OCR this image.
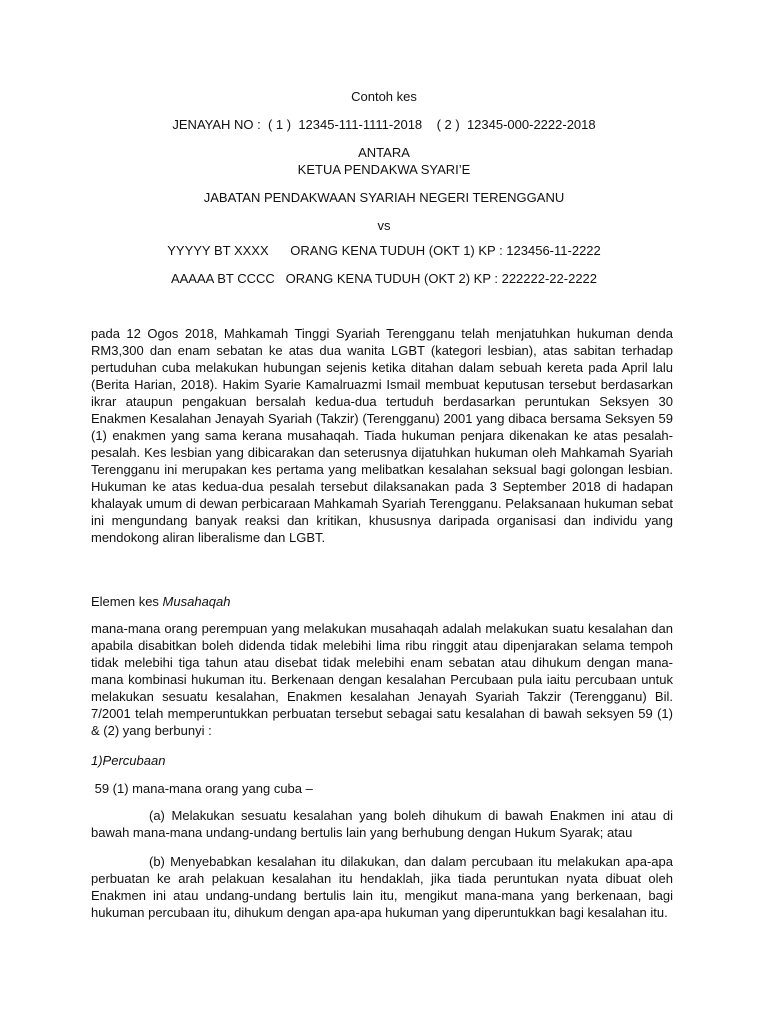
Contoh kes
JENAYAH NO :  ( 1 )  12345-111-1111-2018    ( 2 )  12345-000-2222-2018
ANTARA
KETUA PENDAKWA SYARI’E
JABATAN PENDAKWAAN SYARIAH NEGERI TERENGGANU
vs
YYYYY BT XXXX      ORANG KENA TUDUH (OKT 1) KP : 123456-11-2222
AAAAA BT CCCC   ORANG KENA TUDUH (OKT 2) KP : 222222-22-2222
pada 12 Ogos 2018, Mahkamah Tinggi Syariah Terengganu telah menjatuhkan hukuman denda RM3,300 dan enam sebatan ke atas dua wanita LGBT (kategori lesbian), atas sabitan terhadap pertuduhan cuba melakukan hubungan sejenis ketika ditahan dalam sebuah kereta pada April lalu (Berita Harian, 2018). Hakim Syarie Kamalruazmi Ismail membuat keputusan tersebut berdasarkan ikrar ataupun pengakuan bersalah kedua-dua tertuduh berdasarkan peruntukan Seksyen 30 Enakmen Kesalahan Jenayah Syariah (Takzir) (Terengganu) 2001 yang dibaca bersama Seksyen 59 (1) enakmen yang sama kerana musahaqah. Tiada hukuman penjara dikenakan ke atas pesalah-pesalah. Kes lesbian yang dibicarakan dan seterusnya dijatuhkan hukuman oleh Mahkamah Syariah Terengganu ini merupakan kes pertama yang melibatkan kesalahan seksual bagi golongan lesbian. Hukuman ke atas kedua-dua pesalah tersebut dilaksanakan pada 3 September 2018 di hadapan khalayak umum di dewan perbicaraan Mahkamah Syariah Terengganu. Pelaksanaan hukuman sebat ini mengundang banyak reaksi dan kritikan, khususnya daripada organisasi dan individu yang mendokong aliran liberalisme dan LGBT.
Elemen kes Musahaqah
mana-mana orang perempuan yang melakukan musahaqah adalah melakukan suatu kesalahan dan apabila disabitkan boleh didenda tidak melebihi lima ribu ringgit atau dipenjarakan selama tempoh tidak melebihi tiga tahun atau disebat tidak melebihi enam sebatan atau dihukum dengan mana-mana kombinasi hukuman itu. Berkenaan dengan kesalahan Percubaan pula iaitu percubaan untuk melakukan sesuatu kesalahan, Enakmen kesalahan Jenayah Syariah Takzir (Terengganu) Bil. 7/2001 telah memperuntukkan perbuatan tersebut sebagai satu kesalahan di bawah seksyen 59 (1) & (2) yang berbunyi :
1)Percubaan
59 (1) mana-mana orang yang cuba –
(a) Melakukan sesuatu kesalahan yang boleh dihukum di bawah Enakmen ini atau di bawah mana-mana undang-undang bertulis lain yang berhubung dengan Hukum Syarak; atau
(b) Menyebabkan kesalahan itu dilakukan, dan dalam percubaan itu melakukan apa-apa perbuatan ke arah pelakuan kesalahan itu hendaklah, jika tiada peruntukan nyata dibuat oleh Enakmen ini atau undang-undang bertulis lain itu, mengikut mana-mana yang berkenaan, bagi hukuman percubaan itu, dihukum dengan apa-apa hukuman yang diperuntukkan bagi kesalahan itu.
